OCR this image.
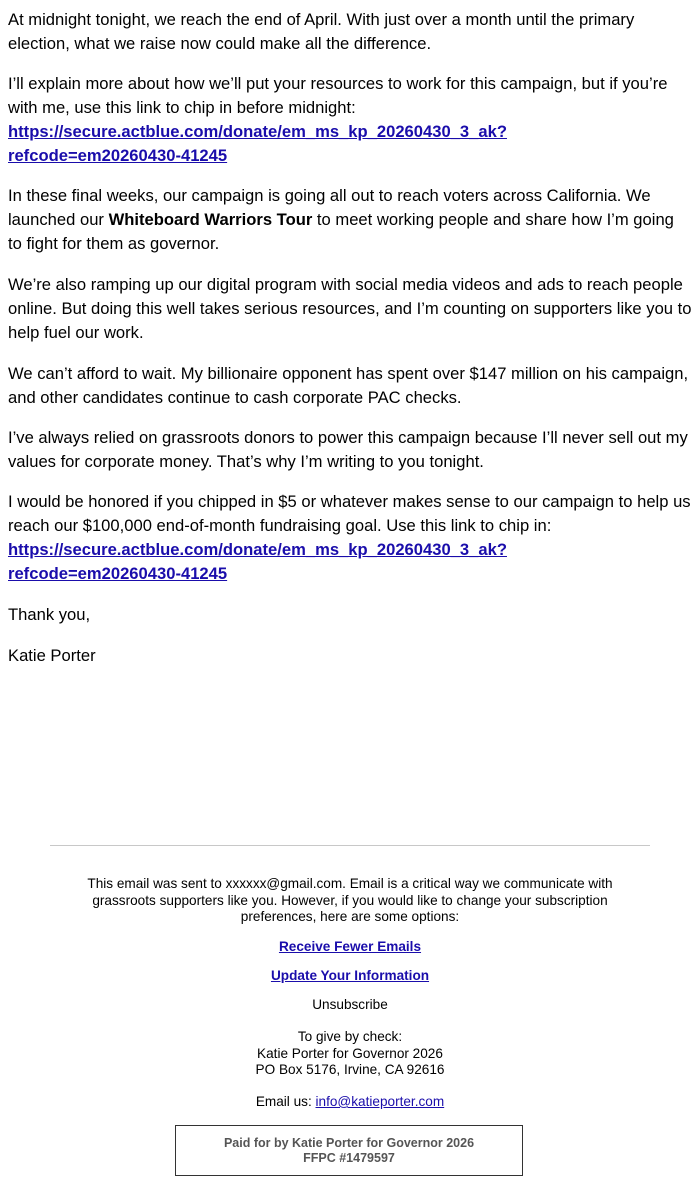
At midnight tonight, we reach the end of April. With just over a month until the primary election, what we raise now could make all the difference.

I’ll explain more about how we’ll put your resources to work for this campaign, but if you’re with me, use this link to chip in before midnight:
https://secure.actblue.com/donate/em_ms_kp_20260430_3_ak?
refcode=em20260430-41245

In these final weeks, our campaign is going all out to reach voters across California. We launched our Whiteboard Warriors Tour to meet working people and share how I’m going to fight for them as governor.

We’re also ramping up our digital program with social media videos and ads to reach people online. But doing this well takes serious resources, and I’m counting on supporters like you to help fuel our work.

We can’t afford to wait. My billionaire opponent has spent over $147 million on his campaign, and other candidates continue to cash corporate PAC checks.

I’ve always relied on grassroots donors to power this campaign because I’ll never sell out my values for corporate money. That’s why I’m writing to you tonight.

I would be honored if you chipped in $5 or whatever makes sense to our campaign to help us reach our $100,000 end-of-month fundraising goal. Use this link to chip in:
https://secure.actblue.com/donate/em_ms_kp_20260430_3_ak?
refcode=em20260430-41245

Thank you,

Katie Porter

This email was sent to xxxxxx@gmail.com. Email is a critical way we communicate with grassroots supporters like you. However, if you would like to change your subscription preferences, here are some options:
Receive Fewer Emails
Update Your Information
Unsubscribe
To give by check:
Katie Porter for Governor 2026
PO Box 5176, Irvine, CA 92616
Email us: info@katieporter.com
Paid for by Katie Porter for Governor 2026
FFPC #1479597
